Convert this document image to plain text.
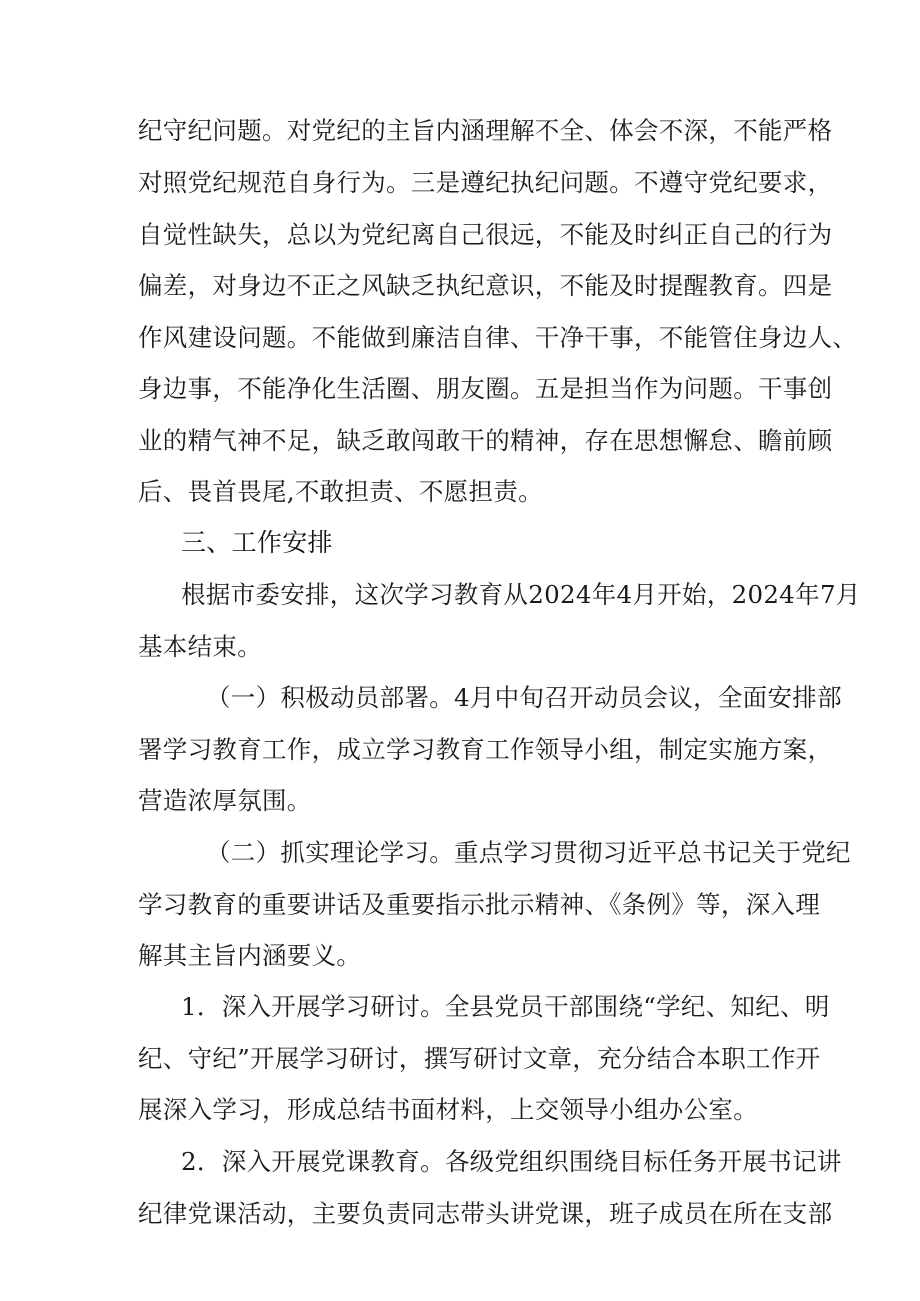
纪守纪问题。对党纪的主旨内涵理解不全、体会不深，不能严格
对照党纪规范自身行为。三是遵纪执纪问题。不遵守党纪要求，
自觉性缺失，总以为党纪离自己很远，不能及时纠正自己的行为
偏差，对身边不正之风缺乏执纪意识，不能及时提醒教育。四是
作风建设问题。不能做到廉洁自律、干净干事，不能管住身边人、
身边事，不能净化生活圈、朋友圈。五是担当作为问题。干事创
业的精气神不足，缺乏敢闯敢干的精神，存在思想懈怠、瞻前顾
后、畏首畏尾,不敢担责、不愿担责。
三、工作安排
根据市委安排，这次学习教育从2024年4月开始，2024年7月
基本结束。
（一）积极动员部署。4月中旬召开动员会议，全面安排部
署学习教育工作，成立学习教育工作领导小组，制定实施方案，
营造浓厚氛围。
（二）抓实理论学习。重点学习贯彻习近平总书记关于党纪
学习教育的重要讲话及重要指示批示精神、《条例》等，深入理
解其主旨内涵要义。
1．深入开展学习研讨。全县党员干部围绕“学纪、知纪、明
纪、守纪”开展学习研讨，撰写研讨文章，充分结合本职工作开
展深入学习，形成总结书面材料，上交领导小组办公室。
2．深入开展党课教育。各级党组织围绕目标任务开展书记讲
纪律党课活动，主要负责同志带头讲党课，班子成员在所在支部
